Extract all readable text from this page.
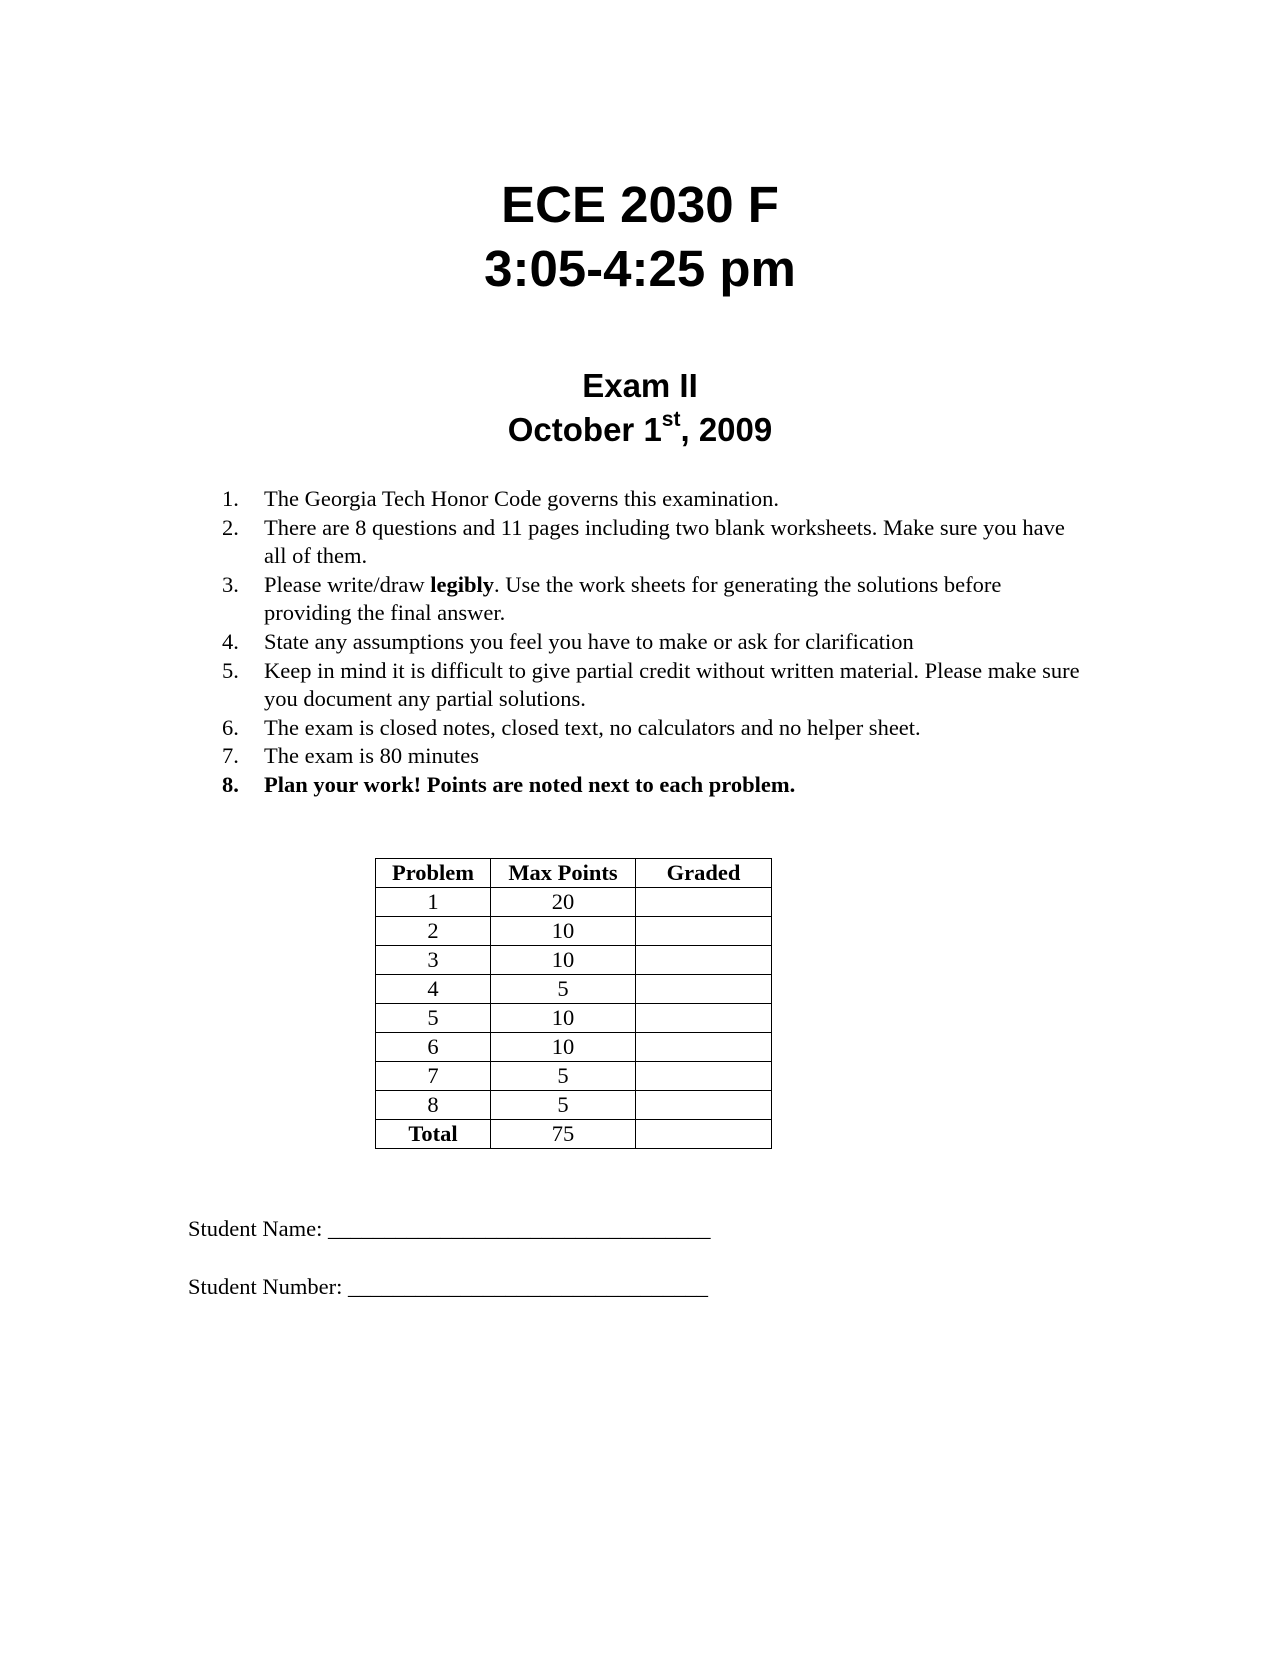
ECE 2030 F
3:05-4:25 pm
Exam II
October 1st, 2009
1. The Georgia Tech Honor Code governs this examination.
2. There are 8 questions and 11 pages including two blank worksheets. Make sure you have all of them.
3. Please write/draw legibly. Use the work sheets for generating the solutions before providing the final answer.
4. State any assumptions you feel you have to make or ask for clarification
5. Keep in mind it is difficult to give partial credit without written material. Please make sure you document any partial solutions.
6. The exam is closed notes, closed text, no calculators and no helper sheet.
7. The exam is 80 minutes
8. Plan your work! Points are noted next to each problem.
Problem	Max Points	Graded
1	20	
2	10	
3	10	
4	5	
5	10	
6	10	
7	5	
8	5	
Total	75	
Student Name: __________________________________
Student Number: ________________________________
